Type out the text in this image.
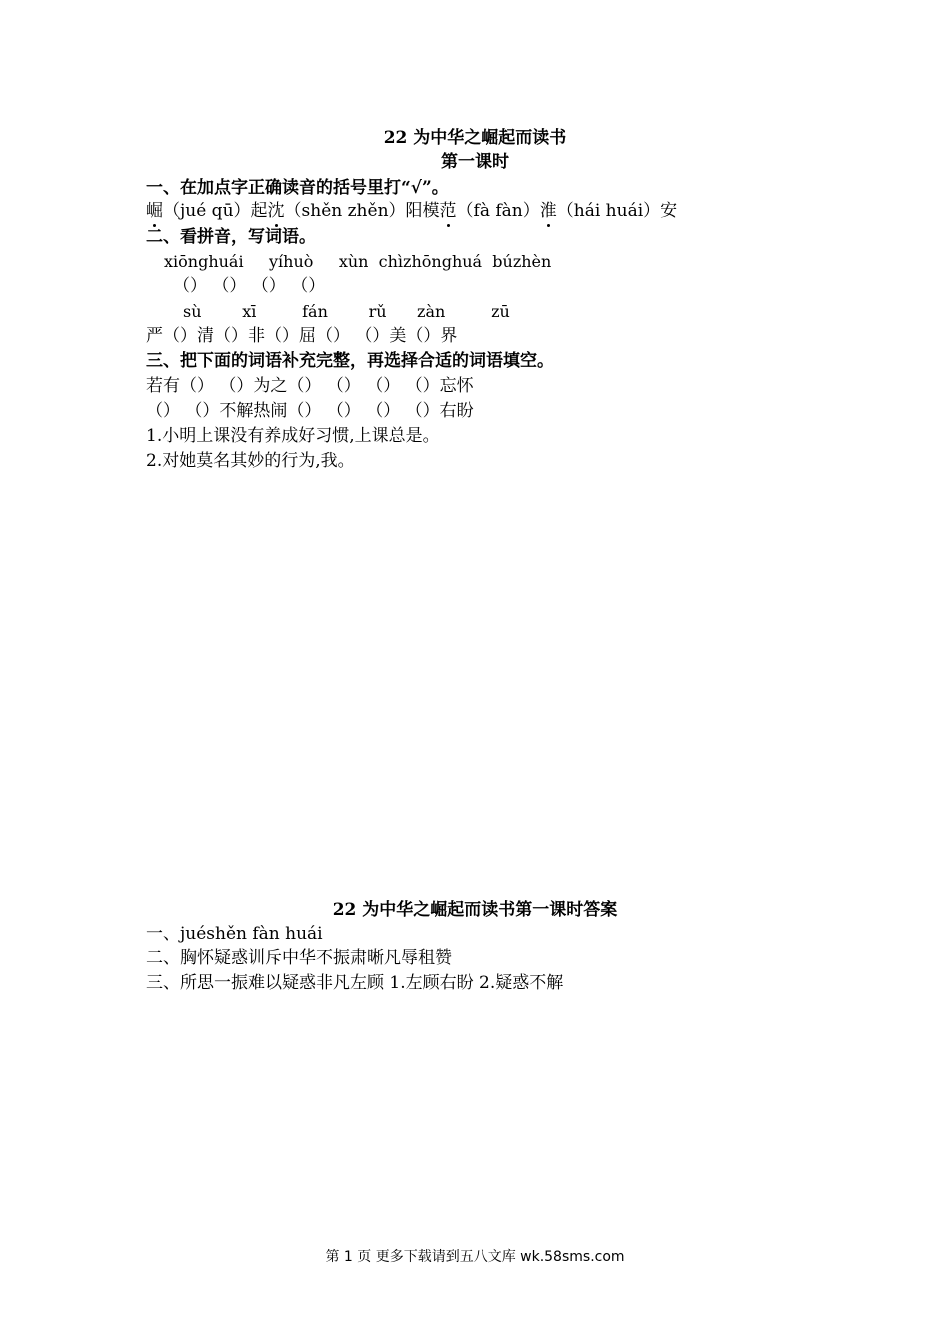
22 为中华之崛起而读书
第一课时
一、在加点字正确读音的括号里打“√”。
崛（jué qū）起沈（shěn zhěn）阳模范（fà fàn）淮（hái huái）安
二、看拼音，写词语。
xiōnghuái     yíhuò     xùn  chìzhōnghuá  búzhèn
（） （） （） （）
sù        xī         fán        rǔ      zàn         zū
严（）清（）非（）屈（） （）美（）界
三、把下面的词语补充完整，再选择合适的词语填空。
若有（） （）为之（） （） （） （）忘怀
（） （）不解热闹（） （） （） （）右盼
1.小明上课没有养成好习惯,上课总是。
2.对她莫名其妙的行为,我。
22 为中华之崛起而读书第一课时答案
一、juéshěn fàn huái
二、胸怀疑惑训斥中华不振肃晰凡辱租赞
三、所思一振难以疑惑非凡左顾 1.左顾右盼 2.疑惑不解
第 1 页 更多下载请到五八文库 wk.58sms.com
